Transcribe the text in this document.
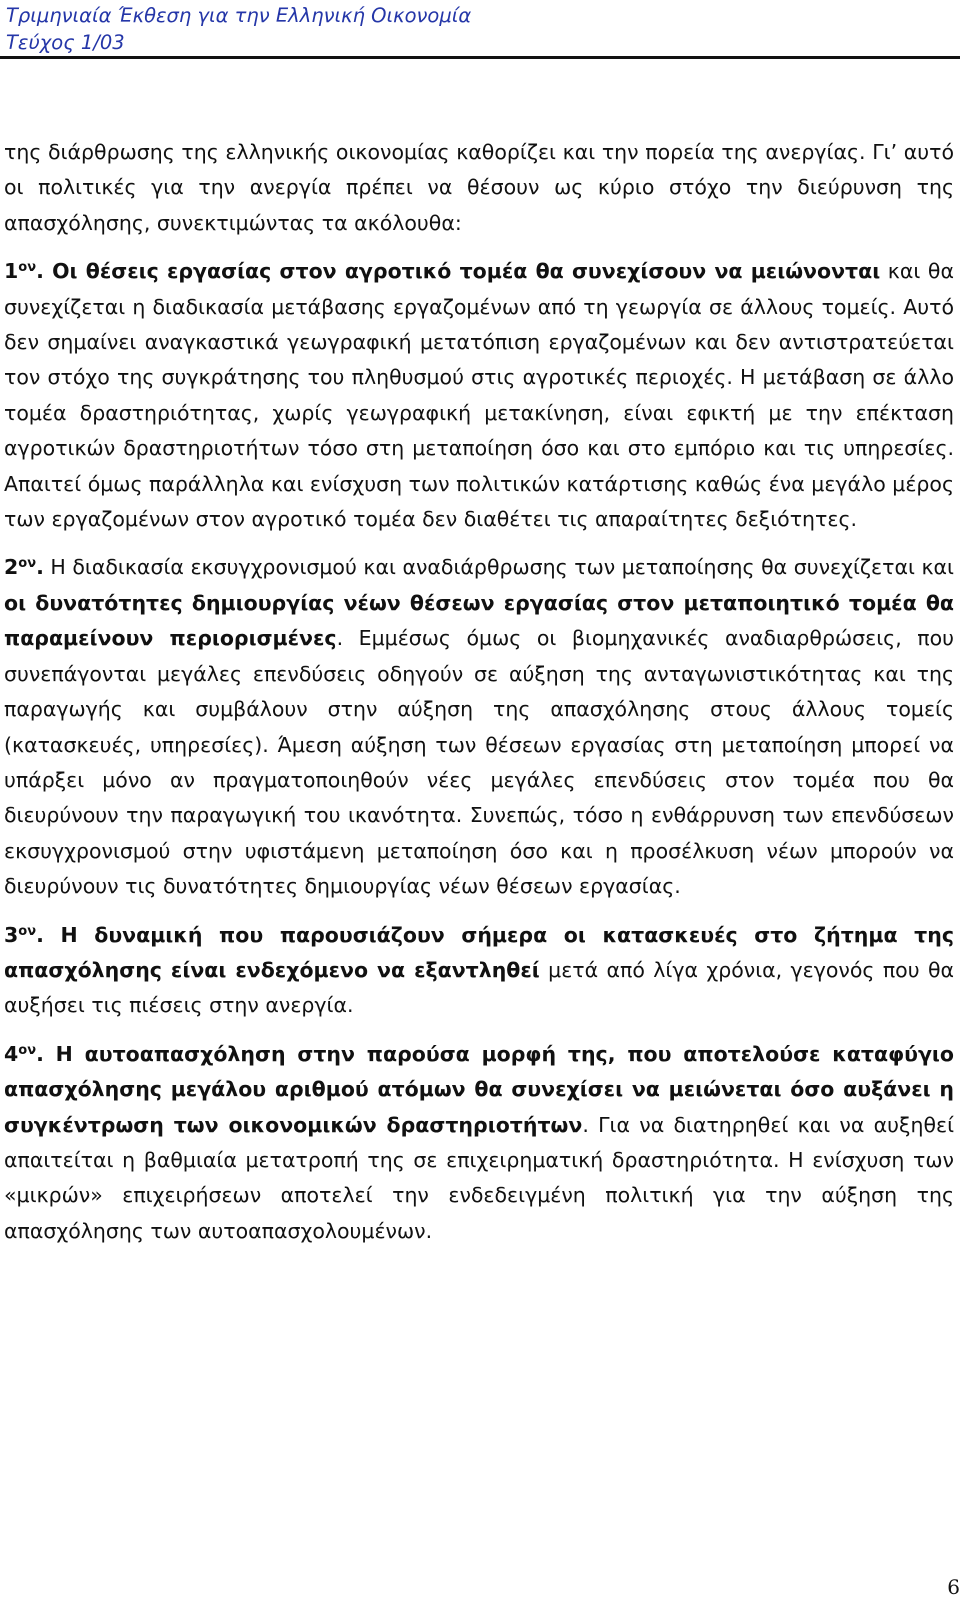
Τριμηνιαία Έκθεση για την Ελληνική Οικονομία
Τεύχος 1/03

της διάρθρωσης της ελληνικής οικονομίας καθορίζει και την πορεία της ανεργίας. Γι’ αυτό οι πολιτικές για την ανεργία πρέπει να θέσουν ως κύριο στόχο την διεύρυνση της απασχόλησης, συνεκτιμώντας τα ακόλουθα:

$1^{o\nu}$. Οι θέσεις εργασίας στον αγροτικό τομέα θα συνεχίσουν να μειώνονται και θα συνεχίζεται η διαδικασία μετάβασης εργαζομένων από τη γεωργία σε άλλους τομείς. Αυτό δεν σημαίνει αναγκαστικά γεωγραφική μετατόπιση εργαζομένων και δεν αντιστρατεύεται τον στόχο της συγκράτησης του πληθυσμού στις αγροτικές περιοχές. Η μετάβαση σε άλλο τομέα δραστηριότητας, χωρίς γεωγραφική μετακίνηση, είναι εφικτή με την επέκταση αγροτικών δραστηριοτήτων τόσο στη μεταποίηση όσο και στο εμπόριο και τις υπηρεσίες. Απαιτεί όμως παράλληλα και ενίσχυση των πολιτικών κατάρτισης καθώς ένα μεγάλο μέρος των εργαζομένων στον αγροτικό τομέα δεν διαθέτει τις απαραίτητες δεξιότητες.

$2^{o\nu}$. Η διαδικασία εκσυγχρονισμού και αναδιάρθρωσης των μεταποίησης θα συνεχίζεται και οι δυνατότητες δημιουργίας νέων θέσεων εργασίας στον μεταποιητικό τομέα θα παραμείνουν περιορισμένες. Εμμέσως όμως οι βιομηχανικές αναδιαρθρώσεις, που συνεπάγονται μεγάλες επενδύσεις οδηγούν σε αύξηση της ανταγωνιστικότητας και της παραγωγής και συμβάλουν στην αύξηση της απασχόλησης στους άλλους τομείς (κατασκευές, υπηρεσίες). Άμεση αύξηση των θέσεων εργασίας στη μεταποίηση μπορεί να υπάρξει μόνο αν πραγματοποιηθούν νέες μεγάλες επενδύσεις στον τομέα που θα διευρύνουν την παραγωγική του ικανότητα. Συνεπώς, τόσο η ενθάρρυνση των επενδύσεων εκσυγχρονισμού στην υφιστάμενη μεταποίηση όσο και η προσέλκυση νέων μπορούν να διευρύνουν τις δυνατότητες δημιουργίας νέων θέσεων εργασίας.

$3^{o\nu}$. Η δυναμική που παρουσιάζουν σήμερα οι κατασκευές στο ζήτημα της απασχόλησης είναι ενδεχόμενο να εξαντληθεί μετά από λίγα χρόνια, γεγονός που θα αυξήσει τις πιέσεις στην ανεργία.

$4^{o\nu}$. Η αυτοαπασχόληση στην παρούσα μορφή της, που αποτελούσε καταφύγιο απασχόλησης μεγάλου αριθμού ατόμων θα συνεχίσει να μειώνεται όσο αυξάνει η συγκέντρωση των οικονομικών δραστηριοτήτων. Για να διατηρηθεί και να αυξηθεί απαιτείται η βαθμιαία μετατροπή της σε επιχειρηματική δραστηριότητα. Η ενίσχυση των «μικρών» επιχειρήσεων αποτελεί την ενδεδειγμένη πολιτική για την αύξηση της απασχόλησης των αυτοαπασχολουμένων.

6
